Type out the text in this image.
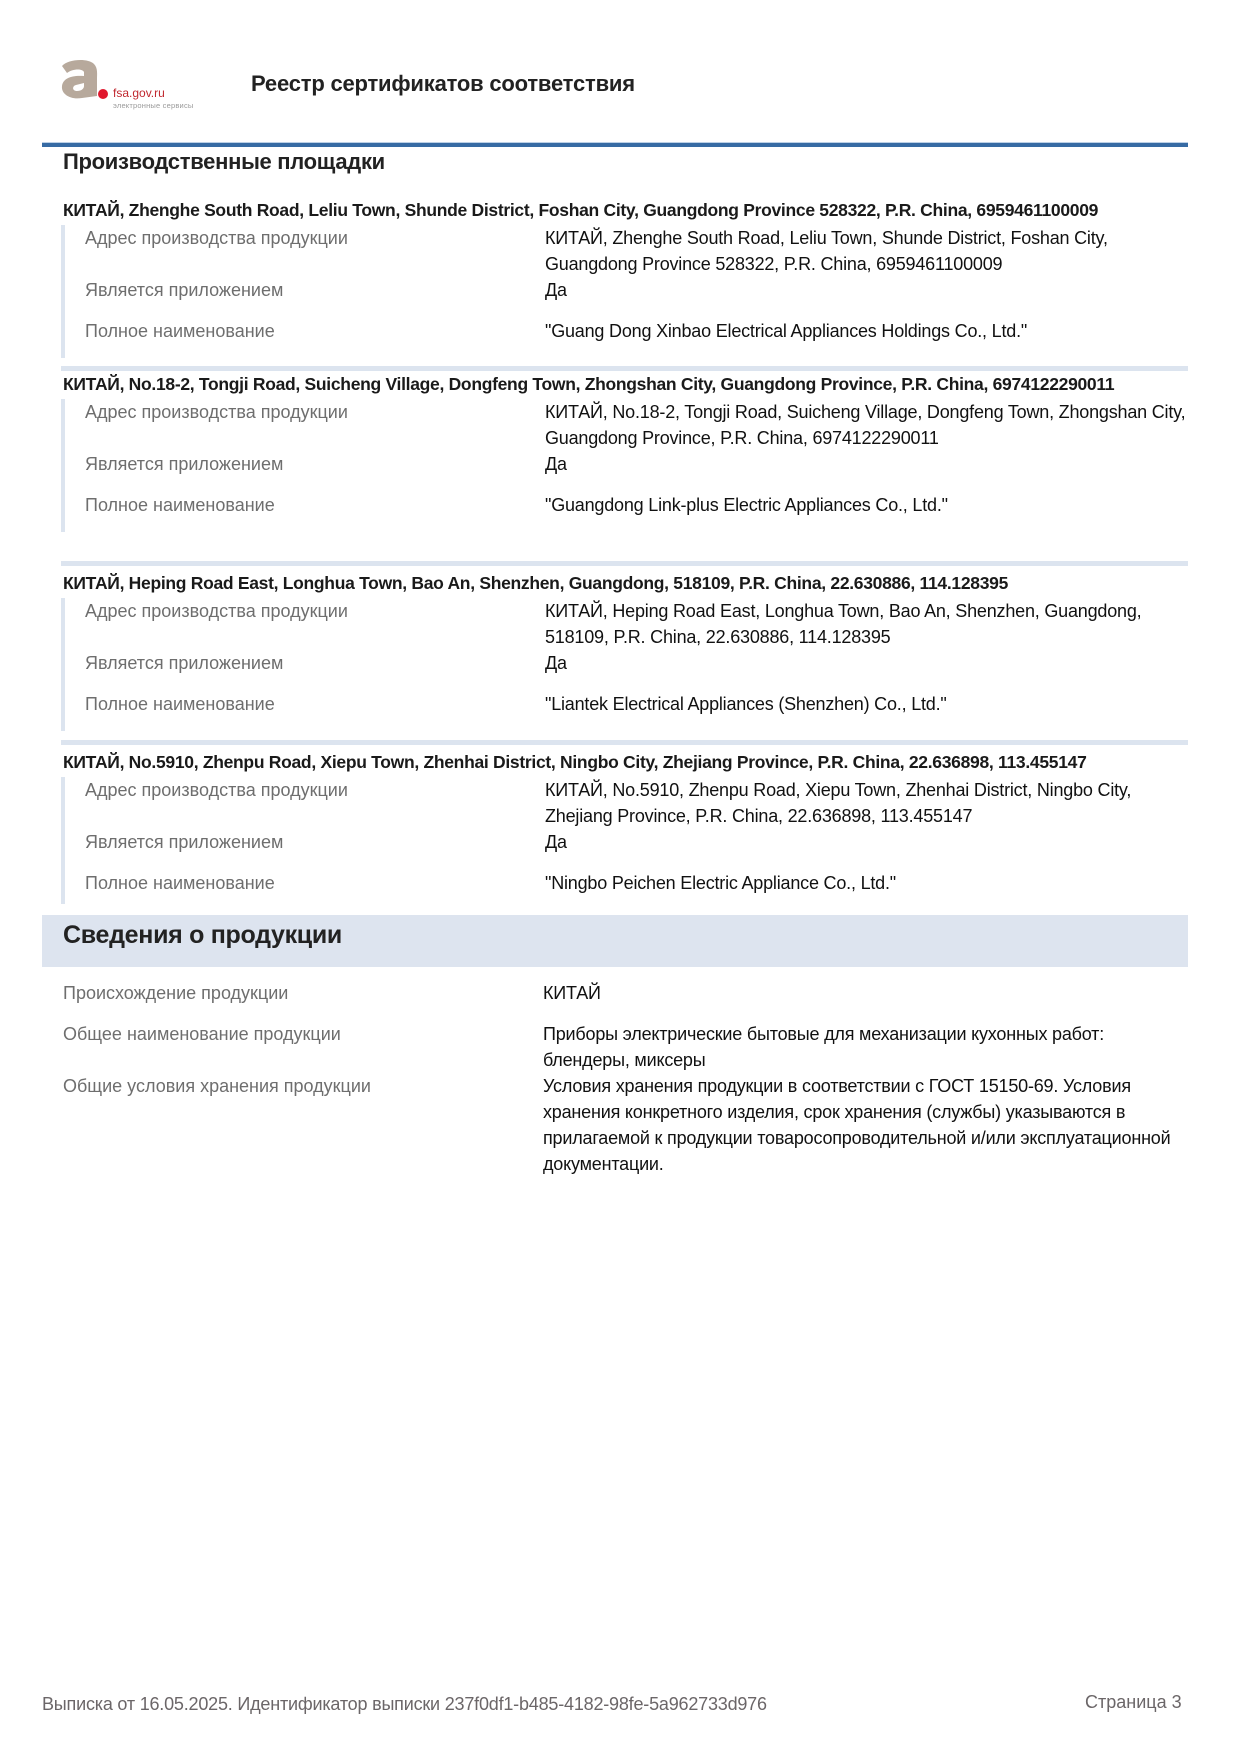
fsa.gov.ru
электронные сервисы
Реестр сертификатов соответствия
Производственные площадки
КИТАЙ, Zhenghe South Road, Leliu Town, Shunde District, Foshan City, Guangdong Province 528322, P.R. China, 6959461100009
Адрес производства продукции	КИТАЙ, Zhenghe South Road, Leliu Town, Shunde District, Foshan City, Guangdong Province 528322, P.R. China, 6959461100009
Является приложением	Да
Полное наименование	"Guang Dong Xinbao Electrical Appliances Holdings Co., Ltd."
КИТАЙ, No.18-2, Tongji Road, Suicheng Village, Dongfeng Town, Zhongshan City, Guangdong Province, P.R. China, 6974122290011
Адрес производства продукции	КИТАЙ, No.18-2, Tongji Road, Suicheng Village, Dongfeng Town, Zhongshan City, Guangdong Province, P.R. China, 6974122290011
Является приложением	Да
Полное наименование	"Guangdong Link-plus Electric Appliances Co., Ltd."
КИТАЙ, Heping Road East, Longhua Town, Bao An, Shenzhen, Guangdong, 518109, P.R. China, 22.630886, 114.128395
Адрес производства продукции	КИТАЙ, Heping Road East, Longhua Town, Bao An, Shenzhen, Guangdong, 518109, P.R. China, 22.630886, 114.128395
Является приложением	Да
Полное наименование	"Liantek Electrical Appliances (Shenzhen) Co., Ltd."
КИТАЙ, No.5910, Zhenpu Road, Xiepu Town, Zhenhai District, Ningbo City, Zhejiang Province, P.R. China, 22.636898, 113.455147
Адрес производства продукции	КИТАЙ, No.5910, Zhenpu Road, Xiepu Town, Zhenhai District, Ningbo City, Zhejiang Province, P.R. China, 22.636898, 113.455147
Является приложением	Да
Полное наименование	"Ningbo Peichen Electric Appliance Co., Ltd."
Сведения о продукции
Происхождение продукции	КИТАЙ
Общее наименование продукции	Приборы электрические бытовые для механизации кухонных работ: блендеры, миксеры
Общие условия хранения продукции	Условия хранения продукции в соответствии с ГОСТ 15150-69. Условия хранения конкретного изделия, срок хранения (службы) указываются в прилагаемой к продукции товаросопроводительной и/или эксплуатационной документации.
Выписка от 16.05.2025. Идентификатор выписки 237f0df1-b485-4182-98fe-5a962733d976	Страница 3
